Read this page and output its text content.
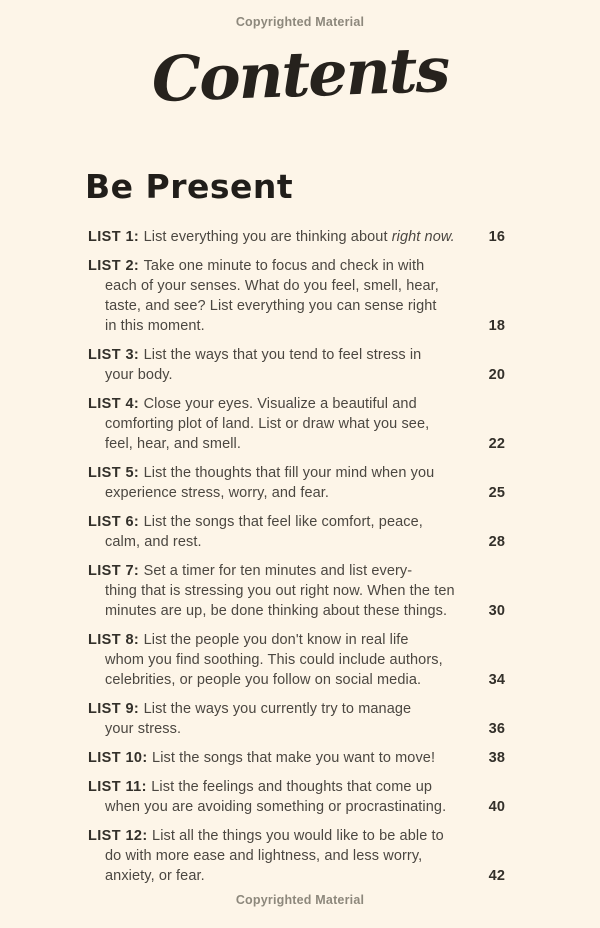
Copyrighted Material
Contents
Be Present
LIST 1: List everything you are thinking about right now.	16
LIST 2: Take one minute to focus and check in with
each of your senses. What do you feel, smell, hear,
taste, and see? List everything you can sense right
in this moment.	18
LIST 3: List the ways that you tend to feel stress in
your body.	20
LIST 4: Close your eyes. Visualize a beautiful and
comforting plot of land. List or draw what you see,
feel, hear, and smell.	22
LIST 5: List the thoughts that fill your mind when you
experience stress, worry, and fear.	25
LIST 6: List the songs that feel like comfort, peace,
calm, and rest.	28
LIST 7: Set a timer for ten minutes and list every-
thing that is stressing you out right now. When the ten
minutes are up, be done thinking about these things.	30
LIST 8: List the people you don't know in real life
whom you find soothing. This could include authors,
celebrities, or people you follow on social media.	34
LIST 9: List the ways you currently try to manage
your stress.	36
LIST 10: List the songs that make you want to move!	38
LIST 11: List the feelings and thoughts that come up
when you are avoiding something or procrastinating.	40
LIST 12: List all the things you would like to be able to
do with more ease and lightness, and less worry,
anxiety, or fear.	42
Copyrighted Material
